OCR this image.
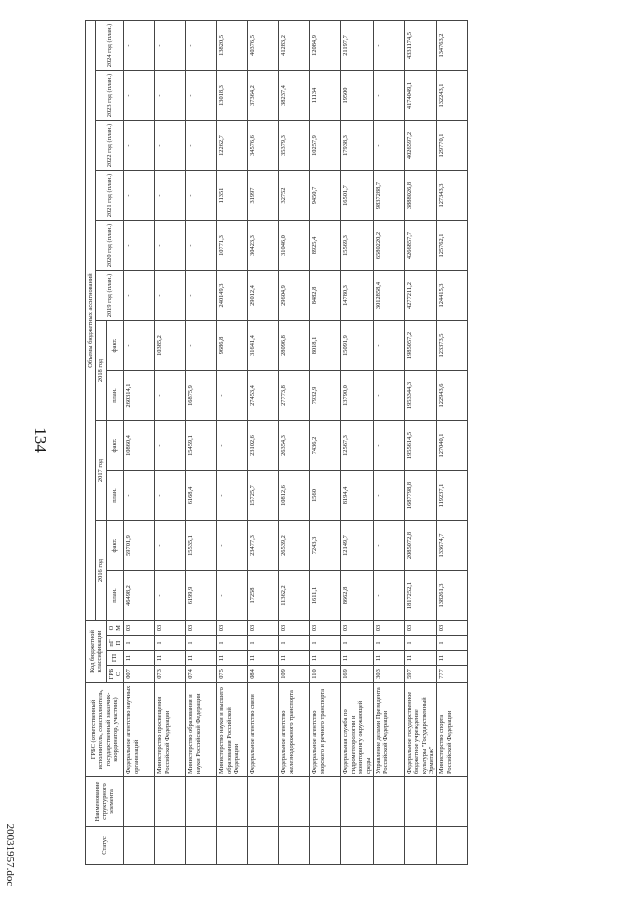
134
20031957.doc	Статус	Наименование структурного элемента	ГРБС (ответственный исполнитель, соисполнитель, государственный заказчик-координатор, участник)	Код бюджетной классификации				Объемы бюджетных ассигнований											
							2016 год		2017 год		2018 год		2019 год (план.)	2020 год (план.)	2021 год (план.)	2022 год (план.)	2023 год (план.)	2024 год (план.)
			ГРБС	ГП	пГП	ОМ	план.	факт.	план.	факт.	план.	факт.						
		Федеральное агентство научных организаций	007	11	1	03	46498,2	59701,9	-	10860,4	260314,1	-	-	-	-	-	-	-
		Министерство просвещения Российской Федерации	073	11	1	03	-	-	-	-	-	10385,2	-	-	-	-	-	-
		Министерство образования и науки Российской Федерации	074	11	1	03	6199,9	15535,1	6168,4	15459,1	16875,9	-	-	-	-	-	-	-
		Министерство науки и высшего образования Российской Федерации	075	11	1	03	-	-	-	-	-	9686,8	240149,3	10771,3	11351	12262,7	13018,3	13820,5
		Федеральное агентство связи	084	11	1	03	17258	23477,3	15725,7	23102,6	27453,4	31641,4	29012,4	30423,3	31997	34576,6	37364,2	40376,5
		Федеральное агентство железнодорожного транспорта	109	11	1	03	11362,2	26539,2	10812,6	26354,3	27773,8	28096,8	29604,9	31046,0	32752	35379,3	38237,4	41283,2
		Федеральное агентство морского и речного транспорта	110	11	1	03	1611,1	7243,3	1560	7436,2	7932,9	8018,1	8482,8	8925,4	9450,7	10257,9	11134	12084,9
		Федеральная служба по гидрометеорологии и мониторингу окружающей среды	169	11	1	03	8662,8	12149,7	8194,4	12567,3	13790,0	15091,9	14780,3	15569,3	16501,7	17938,3	19500	21197,7
		Управление делами Президента Российской Федерации	303	11	1	03	-	-	-	-	-	-	3012858,4	6580220,2	9837288,7	-	-	-
		Федеральное государственное бюджетное учреждение культуры "Государственный Эрмитаж"	597	11	1	03	1817252,1	2085072,8	1687798,8	1955614,5	1953344,3	1985057,2	4277211,2	4266857,7	3888026,8	4026597,2	4174049,1	4331174,5
		Министерство спорта Российской Федерации	777	11	1	03	138261,3	133674,7	119237,1	127040,1	122943,6	123373,5	124415,3	125762,1	127343,3	129770,1	132243,1	134763,2
